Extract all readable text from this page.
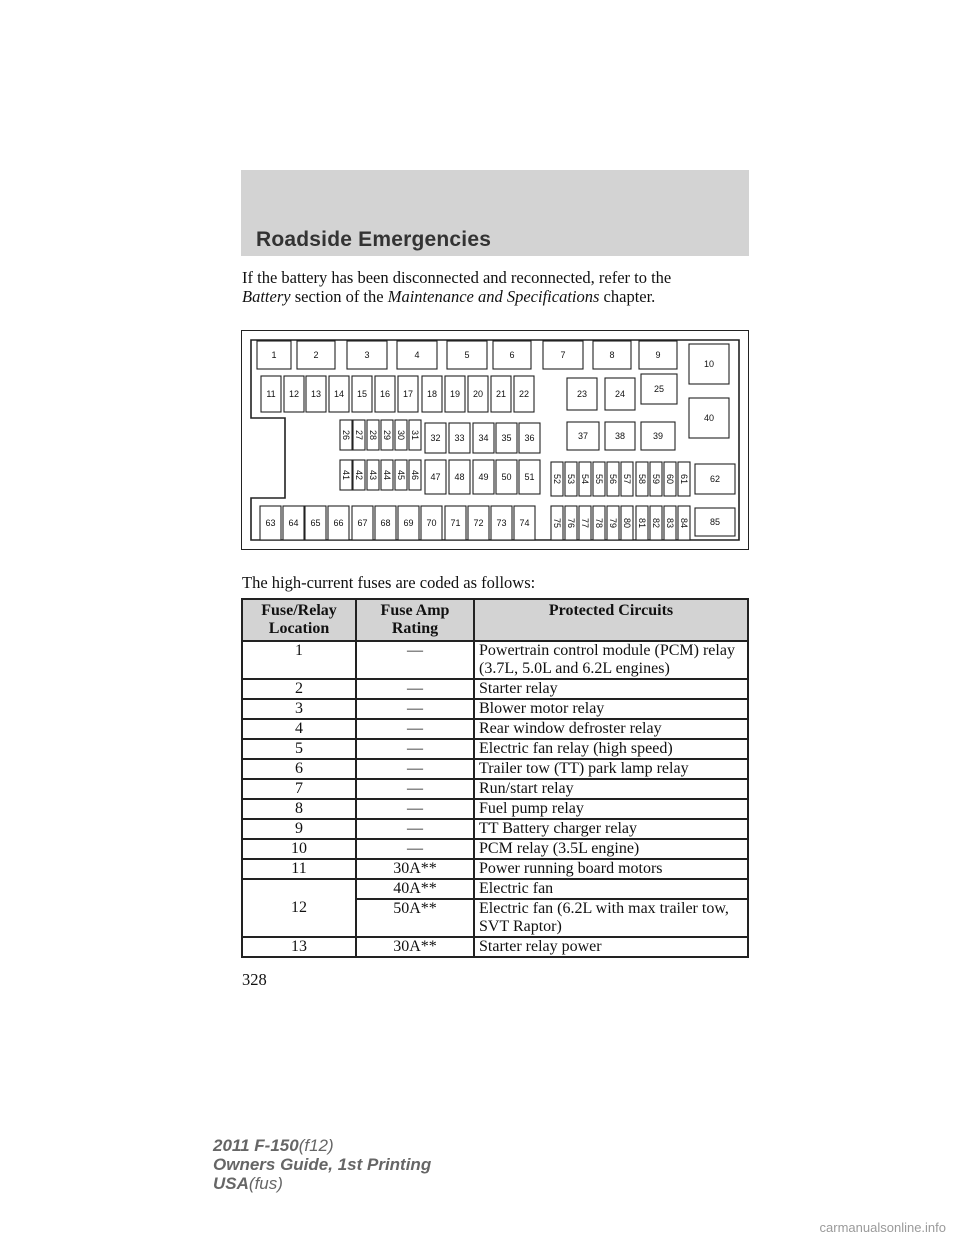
Roadside Emergencies
If the battery has been disconnected and reconnected, refer to the
Battery section of the Maintenance and Specifications chapter.
1	2	3	4	5	6	7	8	9
10
11 12 13 14 15 16 17 18 19 20 21 22	23	24	25
40
26 27 28 29 30 31 32 33 34 35 36	37	38	39
41 42 43 44 45 46 47 48 49 50 51 52 53 54 55 56 57 58 59 60 61 62
63 64 65 66 67 68 69 70 71 72 73 74 75 76 77 78 79 80 81 82 83 84 85
The high-current fuses are coded as follows:
Fuse/Relay Location	Fuse Amp Rating	Protected Circuits
1	—	Powertrain control module (PCM) relay (3.7L, 5.0L and 6.2L engines)
2	—	Starter relay
3	—	Blower motor relay
4	—	Rear window defroster relay
5	—	Electric fan relay (high speed)
6	—	Trailer tow (TT) park lamp relay
7	—	Run/start relay
8	—	Fuel pump relay
9	—	TT Battery charger relay
10	—	PCM relay (3.5L engine)
11	30A**	Power running board motors
12	40A**	Electric fan
	50A**	Electric fan (6.2L with max trailer tow, SVT Raptor)
13	30A**	Starter relay power
328
2011 F-150(f12)
Owners Guide, 1st Printing
USA(fus)
carmanualsonline.info
